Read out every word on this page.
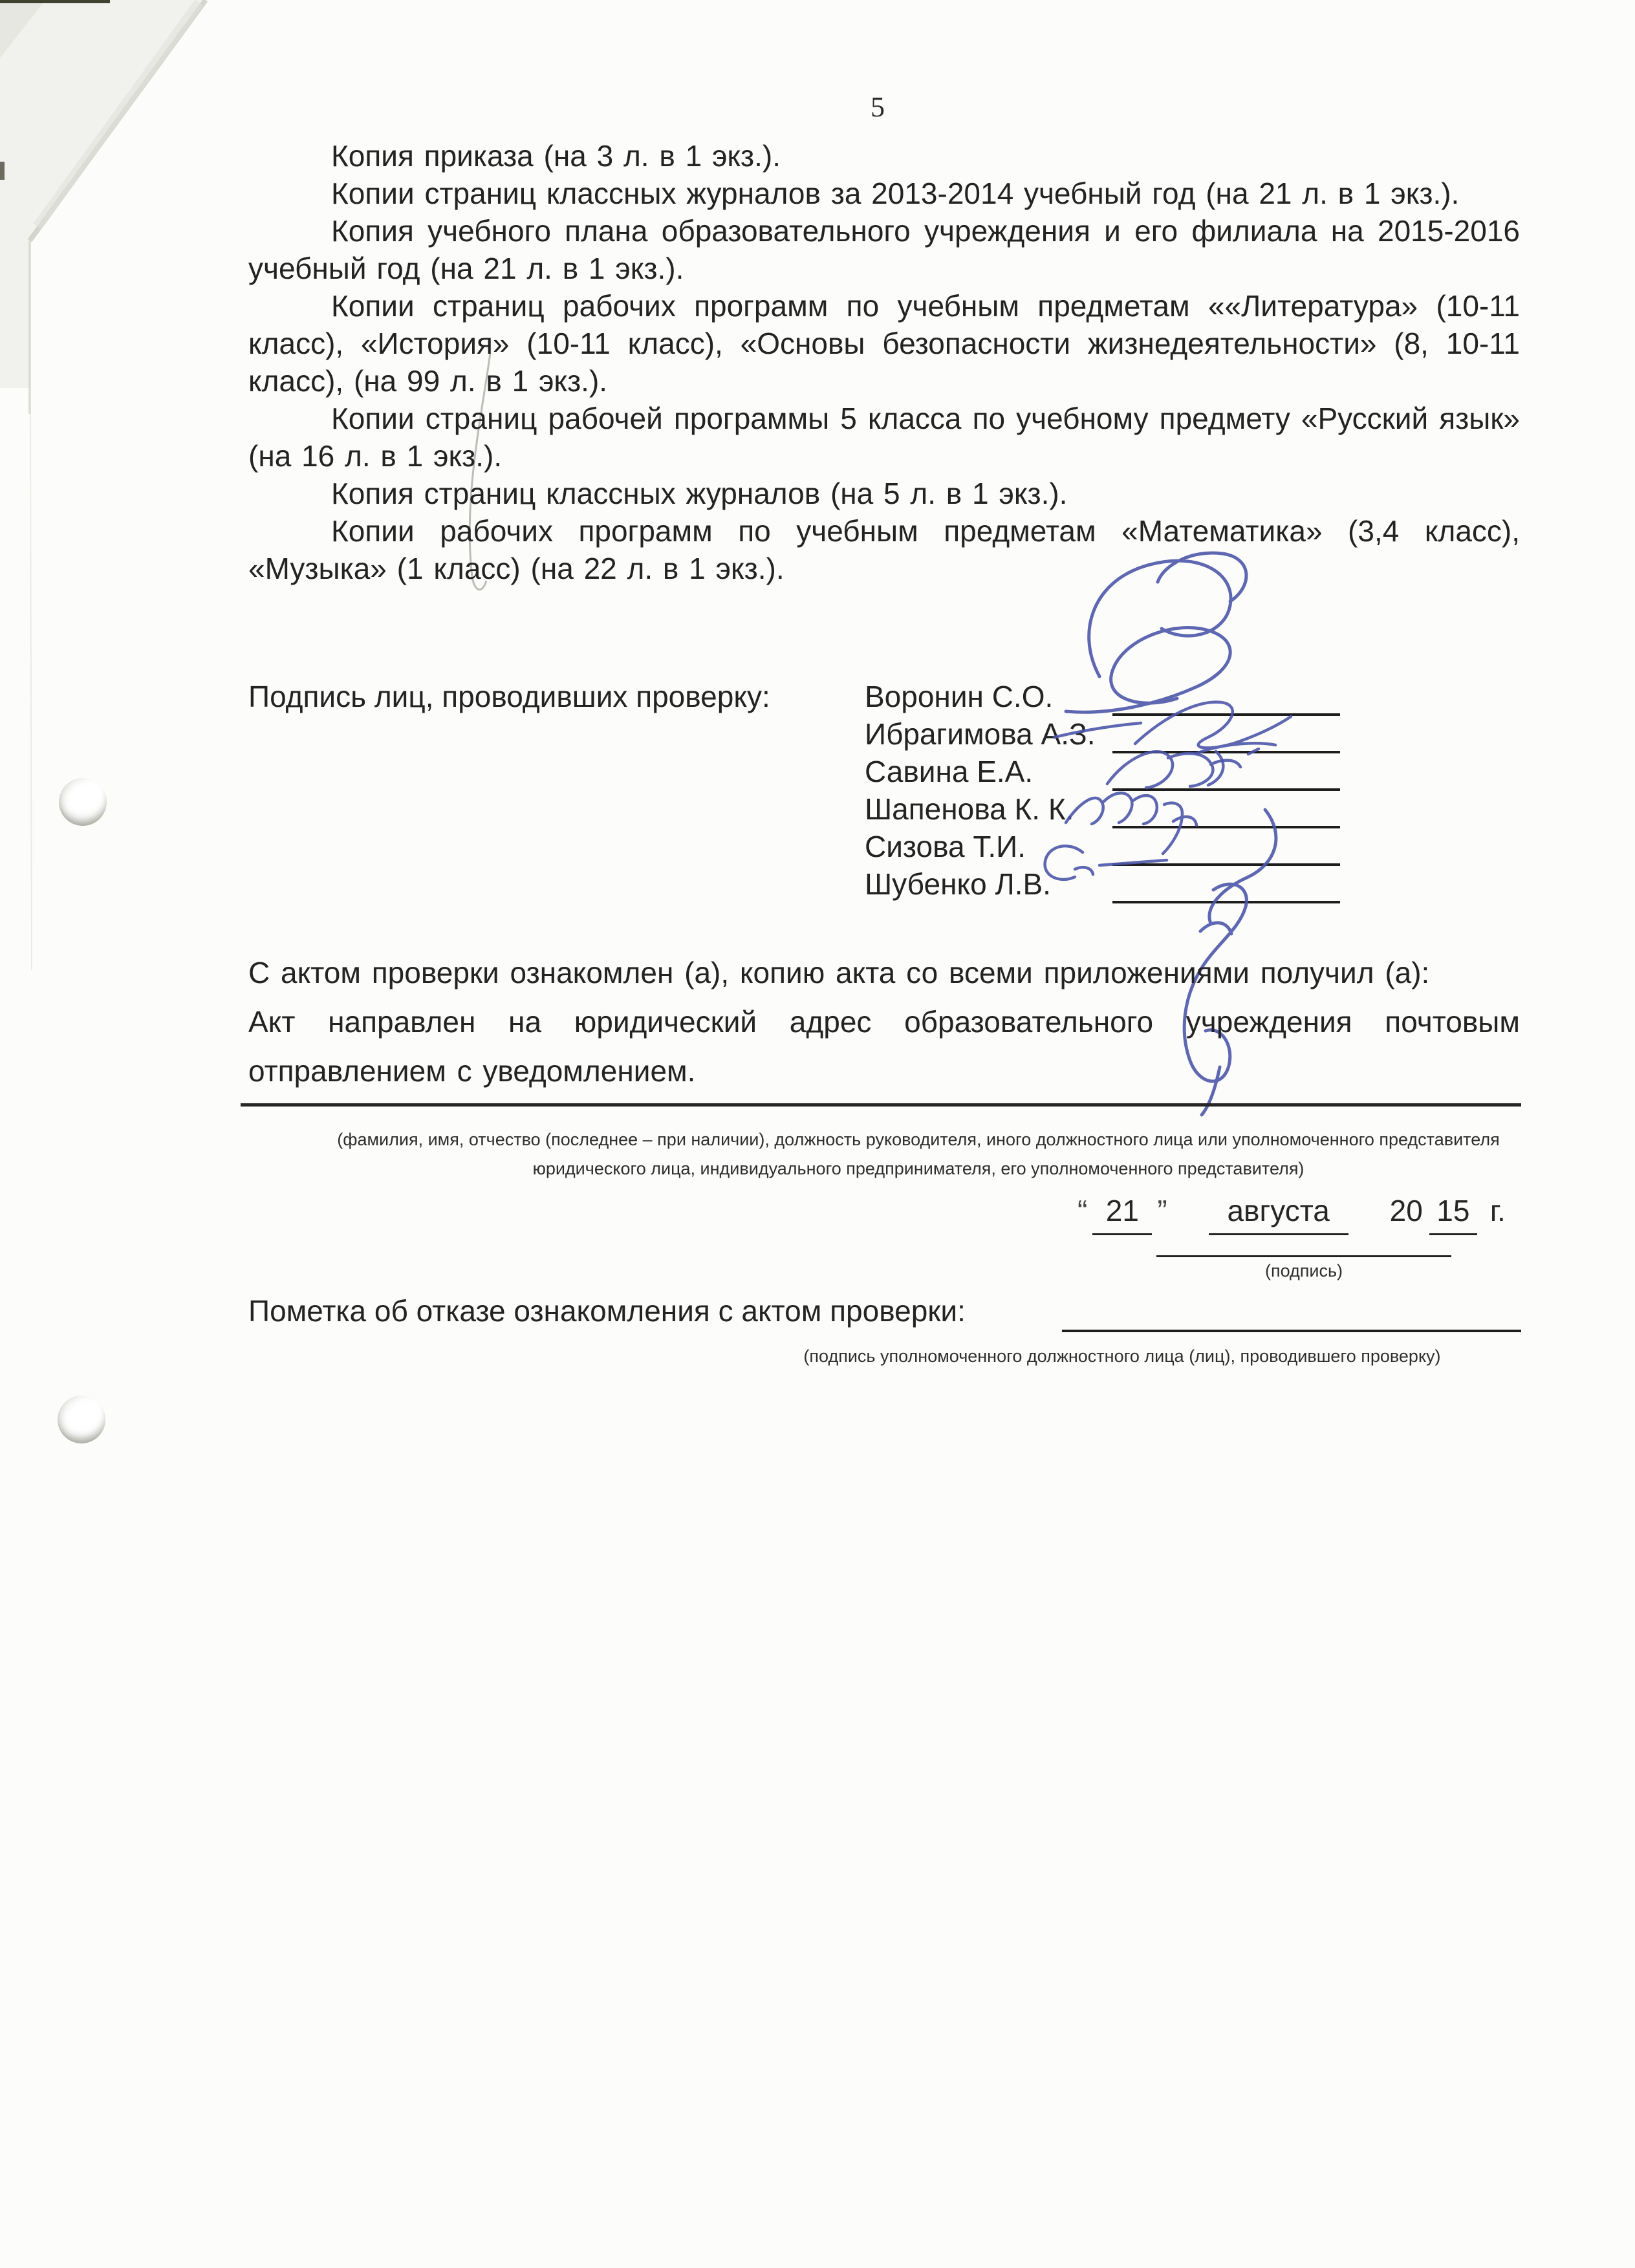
5

Копия приказа (на 3 л. в 1 экз.).

Копии страниц классных журналов за 2013-2014 учебный год (на 21 л. в 1 экз.).

Копия учебного плана образовательного учреждения и его филиала на 2015-2016 учебный год (на 21 л. в 1 экз.).

Копии страниц рабочих программ по учебным предметам ««Литература» (10-11 класс), «История» (10-11 класс), «Основы безопасности жизнедеятельности» (8, 10-11 класс), (на 99 л. в 1 экз.).

Копии страниц рабочей программы 5 класса по учебному предмету «Русский язык» (на 16 л. в 1 экз.).

Копия страниц классных журналов (на 5 л. в 1 экз.).

Копии рабочих программ по учебным предметам «Математика» (3,4 класс), «Музыка» (1 класс) (на 22 л. в 1 экз.).

Подпись лиц, проводивших проверку:	Воронин С.О.
Ибрагимова А.З.
Савина Е.А.
Шапенова К. К.
Сизова Т.И.
Шубенко Л.В.

С актом проверки ознакомлен (а), копию акта со всеми приложениями получил (а):

Акт направлен на юридический адрес образовательного учреждения почтовым отправлением с уведомлением.

(фамилия, имя, отчество (последнее – при наличии), должность руководителя, иного должностного лица или уполномоченного представителя юридического лица, индивидуального предпринимателя, его уполномоченного представителя)
“ 21 ”	августа	20 15 г.
(подпись)
Пометка об отказе ознакомления с актом проверки:
(подпись уполномоченного должностного лица (лиц), проводившего проверку)
